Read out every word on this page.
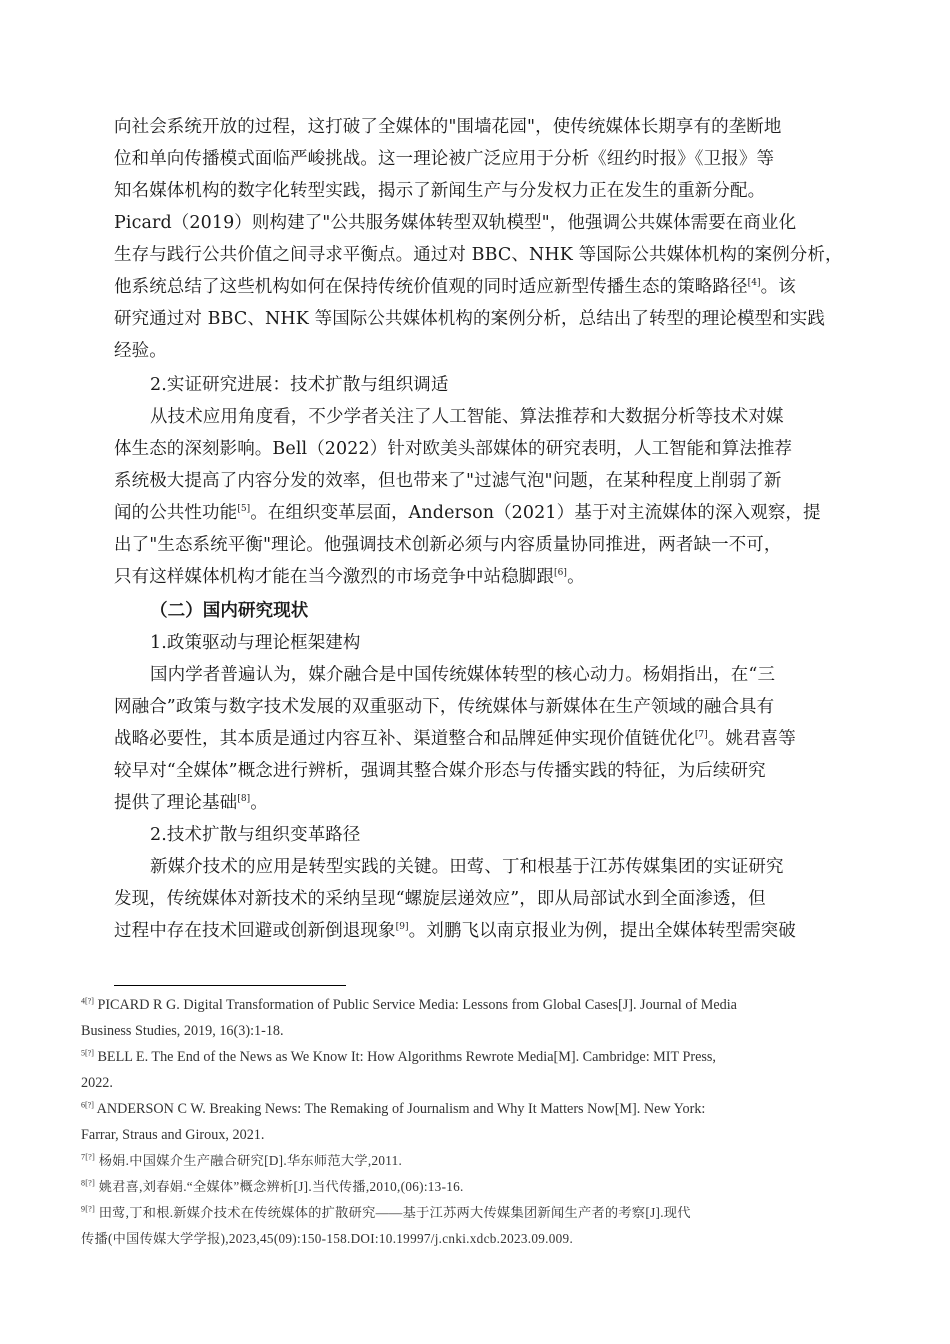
向社会系统开放的过程，这打破了全媒体的"围墙花园"，使传统媒体长期享有的垄断地
位和单向传播模式面临严峻挑战。这一理论被广泛应用于分析《纽约时报》《卫报》等
知名媒体机构的数字化转型实践，揭示了新闻生产与分发权力正在发生的重新分配。
Picard（2019）则构建了"公共服务媒体转型双轨模型"，他强调公共媒体需要在商业化
生存与践行公共价值之间寻求平衡点。通过对 BBC、NHK 等国际公共媒体机构的案例分析，
他系统总结了这些机构如何在保持传统价值观的同时适应新型传播生态的策略路径[4]。该
研究通过对 BBC、NHK 等国际公共媒体机构的案例分析，总结出了转型的理论模型和实践
经验。
2.实证研究进展：技术扩散与组织调适
从技术应用角度看，不少学者关注了人工智能、算法推荐和大数据分析等技术对媒
体生态的深刻影响。Bell（2022）针对欧美头部媒体的研究表明，人工智能和算法推荐
系统极大提高了内容分发的效率，但也带来了"过滤气泡"问题，在某种程度上削弱了新
闻的公共性功能[5]。在组织变革层面，Anderson（2021）基于对主流媒体的深入观察，提
出了"生态系统平衡"理论。他强调技术创新必须与内容质量协同推进，两者缺一不可，
只有这样媒体机构才能在当今激烈的市场竞争中站稳脚跟[6]。
（二）国内研究现状
1.政策驱动与理论框架建构
国内学者普遍认为，媒介融合是中国传统媒体转型的核心动力。杨娟指出，在“三
网融合”政策与数字技术发展的双重驱动下，传统媒体与新媒体在生产领域的融合具有
战略必要性，其本质是通过内容互补、渠道整合和品牌延伸实现价值链优化[7]。姚君喜等
较早对“全媒体”概念进行辨析，强调其整合媒介形态与传播实践的特征，为后续研究
提供了理论基础[8]。
2.技术扩散与组织变革路径
新媒介技术的应用是转型实践的关键。田莺、丁和根基于江苏传媒集团的实证研究
发现，传统媒体对新技术的采纳呈现“螺旋层递效应”，即从局部试水到全面渗透，但
过程中存在技术回避或创新倒退现象[9]。刘鹏飞以南京报业为例，提出全媒体转型需突破
$^{4[?]}$ PICARD R G. Digital Transformation of Public Service Media: Lessons from Global Cases[J]. Journal of Media
Business Studies, 2019, 16(3):1-18.
$^{5[?]}$ BELL E. The End of the News as We Know It: How Algorithms Rewrote Media[M]. Cambridge: MIT Press,
2022.
$^{6[?]}$ ANDERSON C W. Breaking News: The Remaking of Journalism and Why It Matters Now[M]. New York:
Farrar, Straus and Giroux, 2021.
$^{7[?]}$ 杨娟.中国媒介生产融合研究[D].华东师范大学,2011.
$^{8[?]}$ 姚君喜,刘春娟.“全媒体”概念辨析[J].当代传播,2010,(06):13-16.
$^{9[?]}$ 田莺,丁和根.新媒介技术在传统媒体的扩散研究——基于江苏两大传媒集团新闻生产者的考察[J].现代
传播(中国传媒大学学报),2023,45(09):150-158.DOI:10.19997/j.cnki.xdcb.2023.09.009.
